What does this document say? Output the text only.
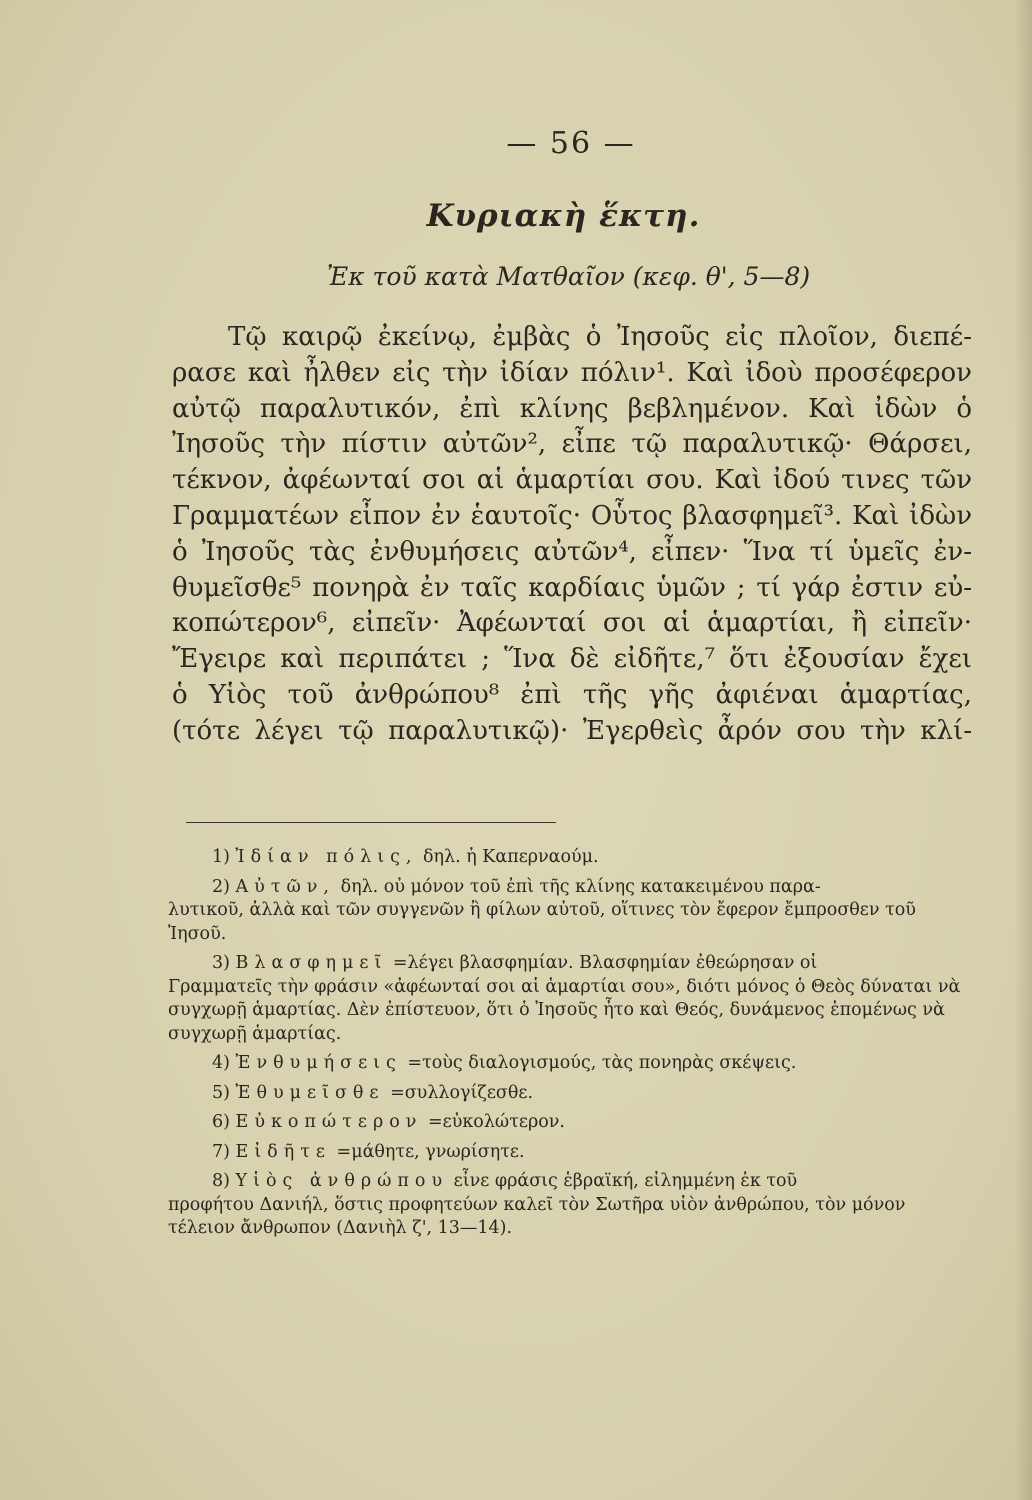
— 56 —
Κυριακὴ ἕκτη.
Ἐκ τοῦ κατὰ Ματθαῖον (κεφ. θ', 5—8)
Τῷ καιρῷ ἐκείνῳ, ἐμβὰς ὁ Ἰησοῦς εἰς πλοῖον, διεπέ-
ρασε καὶ ἦλθεν εἰς τὴν ἰδίαν πόλιν¹. Καὶ ἰδοὺ προσέφερον
αὐτῷ παραλυτικόν, ἐπὶ κλίνης βεβλημένον. Καὶ ἰδὼν ὁ
Ἰησοῦς τὴν πίστιν αὐτῶν², εἶπε τῷ παραλυτικῷ· Θάρσει,
τέκνον, ἀφέωνταί σοι αἱ ἁμαρτίαι σου. Καὶ ἰδού τινες τῶν
Γραμματέων εἶπον ἐν ἑαυτοῖς· Οὗτος βλασφημεῖ³. Καὶ ἰδὼν
ὁ Ἰησοῦς τὰς ἐνθυμήσεις αὐτῶν⁴, εἶπεν· Ἵνα τί ὑμεῖς ἐν-
θυμεῖσθε⁵ πονηρὰ ἐν ταῖς καρδίαις ὑμῶν ; τί γάρ ἐστιν εὐ-
κοπώτερον⁶, εἰπεῖν· Ἀφέωνταί σοι αἱ ἁμαρτίαι, ἢ εἰπεῖν·
Ἔγειρε καὶ περιπάτει ; Ἵνα δὲ εἰδῆτε,⁷ ὅτι ἐξουσίαν ἔχει
ὁ Υἱὸς τοῦ ἀνθρώπου⁸ ἐπὶ τῆς γῆς ἀφιέναι ἁμαρτίας,
(τότε λέγει τῷ παραλυτικῷ)· Ἐγερθεὶς ἆρόν σου τὴν κλί-
1) Ἰδίαν πόλις, δηλ. ἡ Καπερναούμ.
2) Αὐτῶν, δηλ. οὐ μόνον τοῦ ἐπὶ τῆς κλίνης κατακειμένου παρα-
λυτικοῦ, ἀλλὰ καὶ τῶν συγγενῶν ἢ φίλων αὐτοῦ, οἵτινες τὸν ἔφερον ἔμπροσθεν τοῦ Ἰησοῦ.
3) Βλασφημεῖ =λέγει βλασφημίαν. Βλασφημίαν ἐθεώρησαν οἱ
Γραμματεῖς τὴν φράσιν «ἀφέωνταί σοι αἱ ἁμαρτίαι σου», διότι μόνος ὁ Θεὸς δύναται νὰ συγχωρῇ ἁμαρτίας. Δὲν ἐπίστευον, ὅτι ὁ Ἰησοῦς ἦτο καὶ Θεός, δυνάμενος ἑπομένως νὰ συγχωρῇ ἁμαρτίας.
4) Ἐνθυμήσεις =τοὺς διαλογισμούς, τὰς πονηρὰς σκέψεις.
5) Ἐθυμεῖσθε =συλλογίζεσθε.
6) Εὐκοπώτερον =εὐκολώτερον.
7) Εἰδῆτε =μάθητε, γνωρίσητε.
8) Υἱὸς ἀνθρώπου εἶνε φράσις ἑβραϊκή, εἰλημμένη ἐκ τοῦ
προφήτου Δανιήλ, ὅστις προφητεύων καλεῖ τὸν Σωτῆρα υἱὸν ἀνθρώπου, τὸν μόνον τέλειον ἄνθρωπον (Δανιὴλ ζ', 13—14).
